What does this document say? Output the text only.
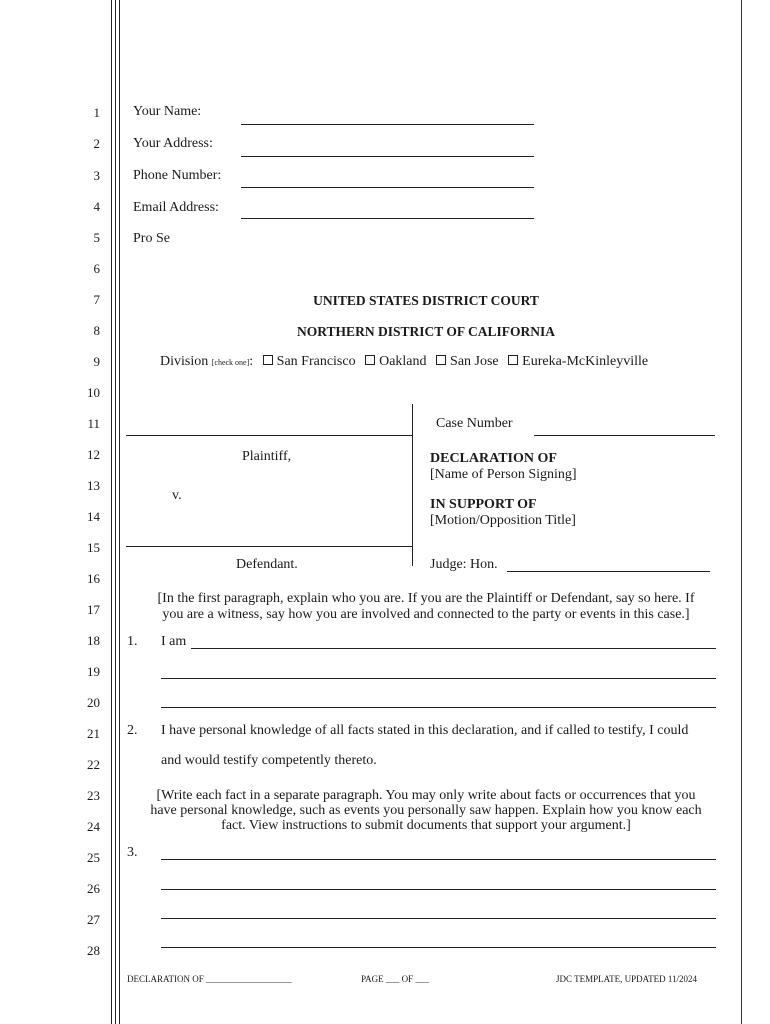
1
2
3
4
5
6
7
8
9
10
11
12
13
14
15
16
17
18
19
20
21
22
23
24
25
26
27
28
Your Name:
Your Address:
Phone Number:
Email Address:
Pro Se
UNITED STATES DISTRICT COURT
NORTHERN DISTRICT OF CALIFORNIA
Division [check one]: San Francisco Oakland San Jose Eureka-McKinleyville
Plaintiff,
v.
Defendant.
Case Number
DECLARATION OF
[Name of Person Signing]
IN SUPPORT OF
[Motion/Opposition Title]
Judge: Hon.
[In the first paragraph, explain who you are. If you are the Plaintiff or Defendant, say so here. If
you are a witness, say how you are involved and connected to the party or events in this case.]
1. I am
2. I have personal knowledge of all facts stated in this declaration, and if called to testify, I could
and would testify competently thereto.
[Write each fact in a separate paragraph. You may only write about facts or occurrences that you
have personal knowledge, such as events you personally saw happen. Explain how you know each
fact. View instructions to submit documents that support your argument.]
3.
DECLARATION OF ___________________	PAGE ___ OF ___	JDC TEMPLATE, UPDATED 11/2024
